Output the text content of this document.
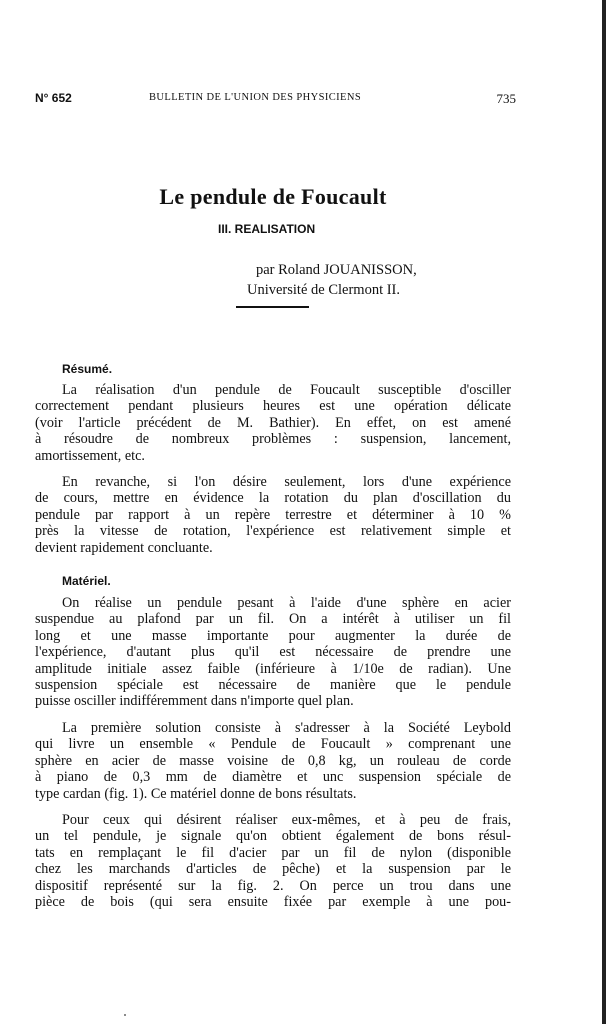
N° 652	BULLETIN DE L'UNION DES PHYSICIENS	735
Le pendule de Foucault
III. REALISATION
par Roland JOUANISSON,
Université de Clermont II.
Résumé.
La réalisation d'un pendule de Foucault susceptible d'osciller
correctement pendant plusieurs heures est une opération délicate
(voir l'article précédent de M. Bathier). En effet, on est amené
à résoudre de nombreux problèmes : suspension, lancement,
amortissement, etc.
En revanche, si l'on désire seulement, lors d'une expérience
de cours, mettre en évidence la rotation du plan d'oscillation du
pendule par rapport à un repère terrestre et déterminer à 10 %
près la vitesse de rotation, l'expérience est relativement simple et
devient rapidement concluante.
Matériel.
On réalise un pendule pesant à l'aide d'une sphère en acier
suspendue au plafond par un fil. On a intérêt à utiliser un fil
long et une masse importante pour augmenter la durée de
l'expérience, d'autant plus qu'il est nécessaire de prendre une
amplitude initiale assez faible (inférieure à 1/10e de radian). Une
suspension spéciale est nécessaire de manière que le pendule
puisse osciller indifféremment dans n'importe quel plan.
La première solution consiste à s'adresser à la Société Leybold
qui livre un ensemble « Pendule de Foucault » comprenant une
sphère en acier de masse voisine de 0,8 kg, un rouleau de corde
à piano de 0,3 mm de diamètre et unc suspension spéciale de
type cardan (fig. 1). Ce matériel donne de bons résultats.
Pour ceux qui désirent réaliser eux-mêmes, et à peu de frais,
un tel pendule, je signale qu'on obtient également de bons résul-
tats en remplaçant le fil d'acier par un fil de nylon (disponible
chez les marchands d'articles de pêche) et la suspension par le
dispositif représenté sur la fig. 2. On perce un trou dans une
pièce de bois (qui sera ensuite fixée par exemple à une pou-
